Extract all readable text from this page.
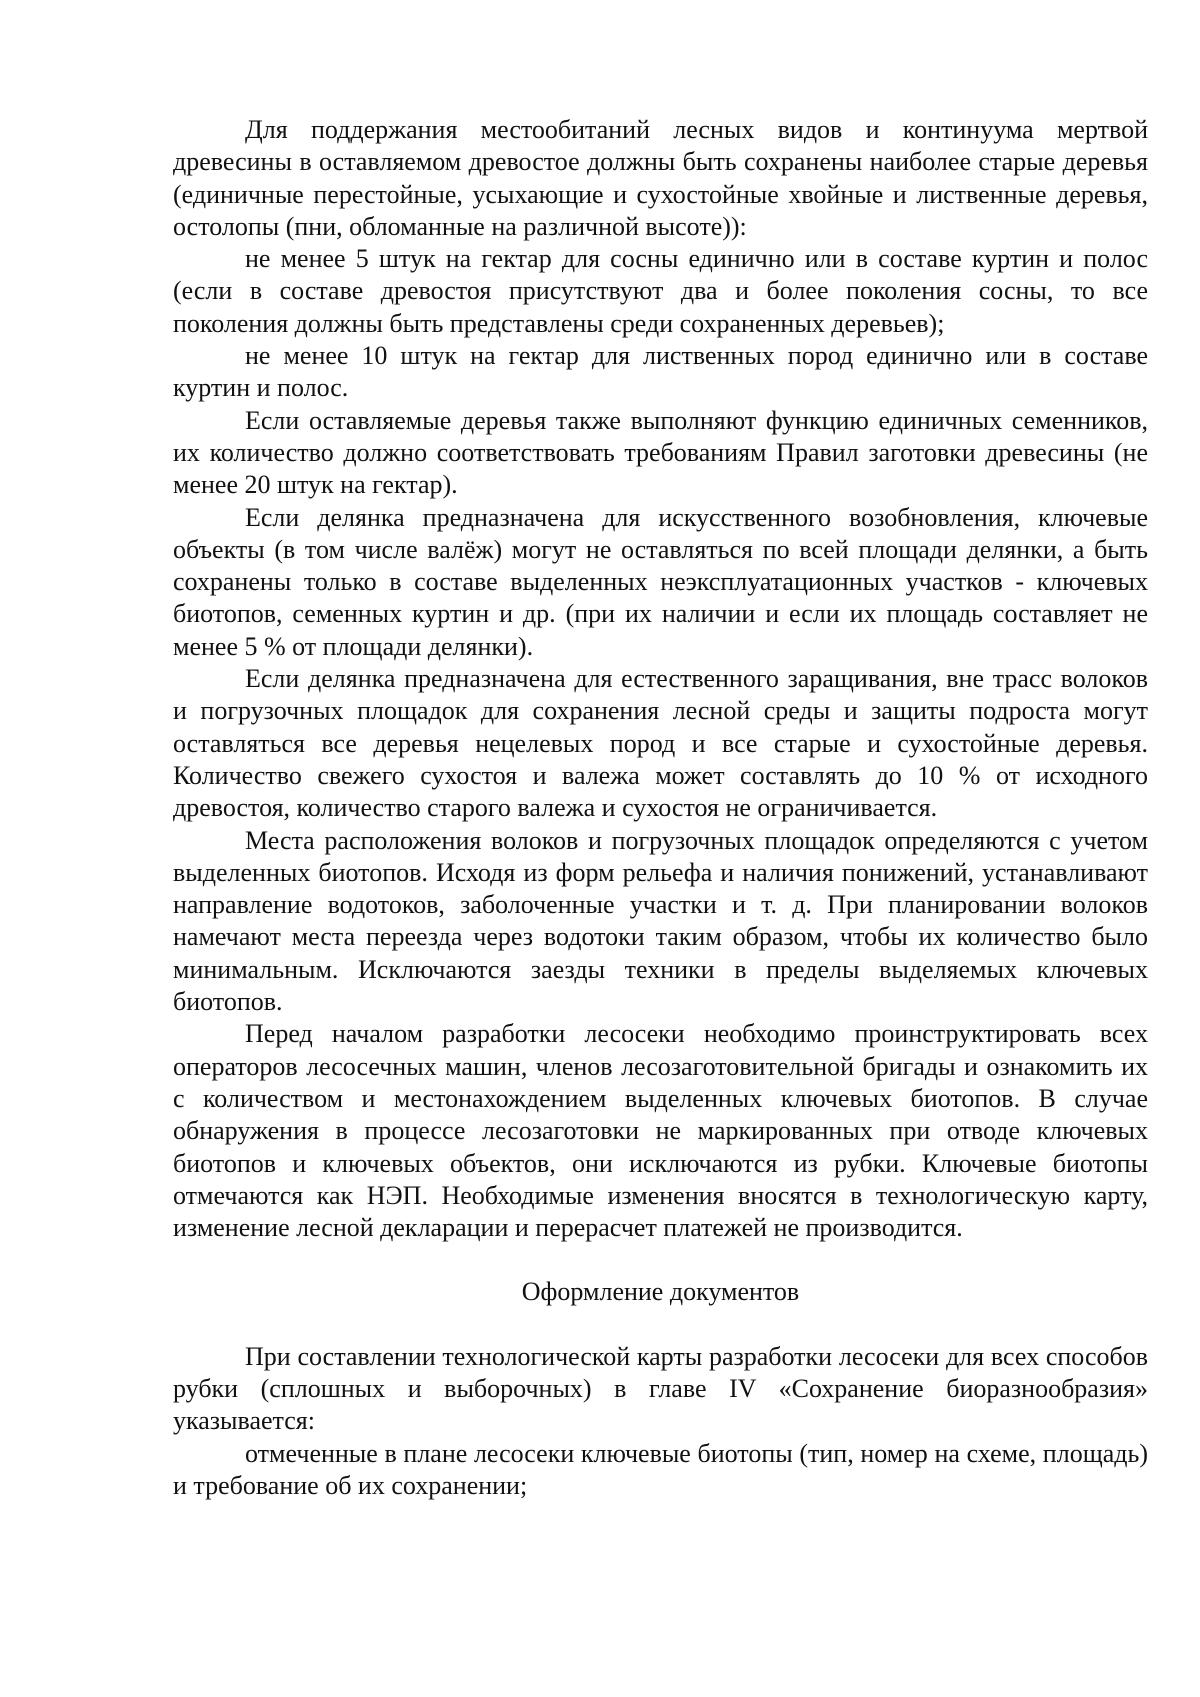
Для поддержания местообитаний лесных видов и континуума мертвой древесины в оставляемом древостое должны быть сохранены наиболее старые деревья (единичные перестойные, усыхающие и сухостойные хвойные и лиственные деревья, остолопы (пни, обломанные на различной высоте)):

не менее 5 штук на гектар для сосны единично или в составе куртин и полос (если в составе древостоя присутствуют два и более поколения сосны, то все поколения должны быть представлены среди сохраненных деревьев);

не менее 10 штук на гектар для лиственных пород единично или в составе куртин и полос.

Если оставляемые деревья также выполняют функцию единичных семенников, их количество должно соответствовать требованиям Правил заготовки древесины (не менее 20 штук на гектар).

Если делянка предназначена для искусственного возобновления, ключевые объекты (в том числе валёж) могут не оставляться по всей площади делянки, а быть сохранены только в составе выделенных неэксплуатационных участков - ключевых биотопов, семенных куртин и др. (при их наличии и если их площадь составляет не менее 5 % от площади делянки).

Если делянка предназначена для естественного заращивания, вне трасс волоков и погрузочных площадок для сохранения лесной среды и защиты подроста могут оставляться все деревья нецелевых пород и все старые и сухостойные деревья. Количество свежего сухостоя и валежа может составлять до 10 % от исходного древостоя, количество старого валежа и сухостоя не ограничивается.

Места расположения волоков и погрузочных площадок определяются с учетом выделенных биотопов. Исходя из форм рельефа и наличия понижений, устанавливают направление водотоков, заболоченные участки и т. д. При планировании волоков намечают места переезда через водотоки таким образом, чтобы их количество было минимальным. Исключаются заезды техники в пределы выделяемых ключевых биотопов.

Перед началом разработки лесосеки необходимо проинструктировать всех операторов лесосечных машин, членов лесозаготовительной бригады и ознакомить их с количеством и местонахождением выделенных ключевых биотопов. В случае обнаружения в процессе лесозаготовки не маркированных при отводе ключевых биотопов и ключевых объектов, они исключаются из рубки. Ключевые биотопы отмечаются как НЭП. Необходимые изменения вносятся в технологическую карту, изменение лесной декларации и перерасчет платежей не производится.

Оформление документов

При составлении технологической карты разработки лесосеки для всех способов рубки (сплошных и выборочных) в главе IV «Сохранение биоразнообразия» указывается:

отмеченные в плане лесосеки ключевые биотопы (тип, номер на схеме, площадь) и требование об их сохранении;
